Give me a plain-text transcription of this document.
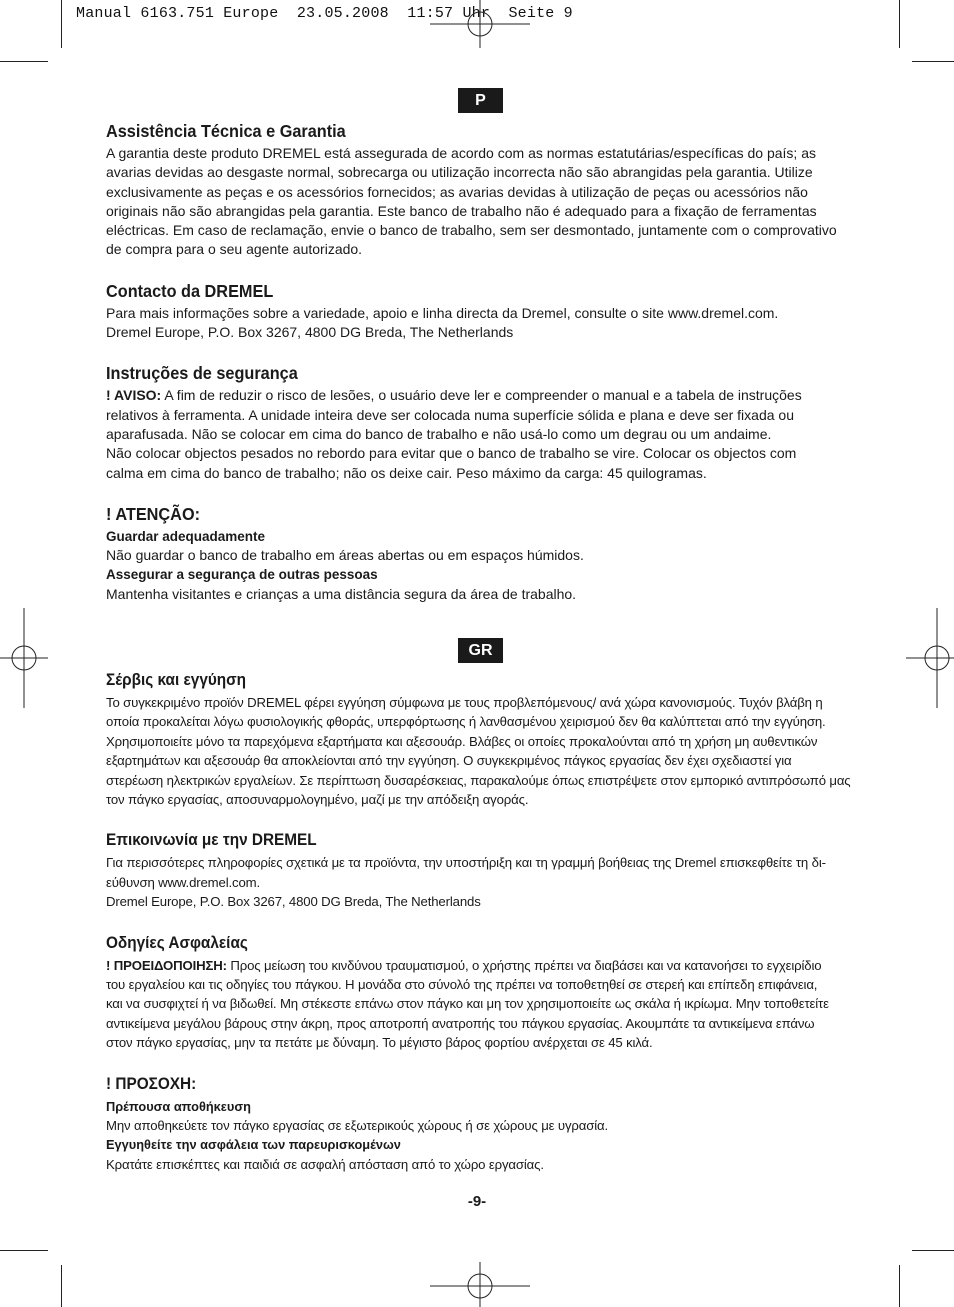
Manual 6163.751 Europe  23.05.2008  11:57 Uhr  Seite 9
P
GR
Assistência Técnica e Garantia
A garantia deste produto DREMEL está assegurada de acordo com as normas estatutárias/específicas do país; as
avarias devidas ao desgaste normal, sobrecarga ou utilização incorrecta não são abrangidas pela garantia. Utilize
exclusivamente as peças e os acessórios fornecidos; as avarias devidas à utilização de peças ou acessórios não
originais não são abrangidas pela garantia. Este banco de trabalho não é adequado para a fixação de ferramentas
eléctricas. Em caso de reclamação, envie o banco de trabalho, sem ser desmontado, juntamente com o comprovativo
de compra para o seu agente autorizado.
Contacto da DREMEL
Para mais informações sobre a variedade, apoio e linha directa da Dremel, consulte o site www.dremel.com.
Dremel Europe, P.O. Box 3267, 4800 DG Breda, The Netherlands
Instruções de segurança
! AVISO: A fim de reduzir o risco de lesões, o usuário deve ler e compreender o manual e a tabela de instruções
relativos à ferramenta. A unidade inteira deve ser colocada numa superfície sólida e plana e deve ser fixada ou
aparafusada. Não se colocar em cima do banco de trabalho e não usá-lo como um degrau ou um andaime.
Não colocar objectos pesados no rebordo para evitar que o banco de trabalho se vire. Colocar os objectos com
calma em cima do banco de trabalho; não os deixe cair. Peso máximo da carga: 45 quilogramas.
! ATENÇÃO:
Guardar adequadamente
Não guardar o banco de trabalho em áreas abertas ou em espaços húmidos.
Assegurar a segurança de outras pessoas
Mantenha visitantes e crianças a uma distância segura da área de trabalho.
Σέρβις και εγγύηση
Το συγκεκριμένο προϊόν DREMEL φέρει εγγύηση σύμφωνα με τους προβλεπόμενους/ ανά χώρα κανονισμούς. Τυχόν βλάβη η
οποία προκαλείται λόγω φυσιολογικής φθοράς, υπερφόρτωσης ή λανθασμένου χειρισμού δεν θα καλύπτεται από την εγγύηση.
Χρησιμοποιείτε μόνο τα παρεχόμενα εξαρτήματα και αξεσουάρ. Βλάβες οι οποίες προκαλούνται από τη χρήση μη αυθεντικών
εξαρτημάτων και αξεσουάρ θα αποκλείονται από την εγγύηση. Ο συγκεκριμένος πάγκος εργασίας δεν έχει σχεδιαστεί για
στερέωση ηλεκτρικών εργαλείων. Σε περίπτωση δυσαρέσκειας, παρακαλούμε όπως επιστρέψετε στον εμπορικό αντιπρόσωπό μας
τον πάγκο εργασίας, αποσυναρμολογημένο, μαζί με την απόδειξη αγοράς.
Επικοινωνία με την DREMEL
Για περισσότερες πληροφορίες σχετικά με τα προϊόντα, την υποστήριξη και τη γραμμή βοήθειας της Dremel επισκεφθείτε τη δι-
εύθυνση www.dremel.com.
Dremel Europe, P.O. Box 3267, 4800 DG Breda, The Netherlands
Οδηγίες Ασφαλείας
! ΠΡΟΕΙΔΟΠΟΙΗΣΗ: Προς μείωση του κινδύνου τραυματισμού, ο χρήστης πρέπει να διαβάσει και να κατανοήσει το εγχειρίδιο
του εργαλείου και τις οδηγίες του πάγκου. Η μονάδα στο σύνολό της πρέπει να τοποθετηθεί σε στερεή και επίπεδη επιφάνεια,
και να συσφιχτεί ή να βιδωθεί. Μη στέκεστε επάνω στον πάγκο και μη τον χρησιμοποιείτε ως σκάλα ή ικρίωμα. Μην τοποθετείτε
αντικείμενα μεγάλου βάρους στην άκρη, προς αποτροπή ανατροπής του πάγκου εργασίας. Ακουμπάτε τα αντικείμενα επάνω
στον πάγκο εργασίας, μην τα πετάτε με δύναμη. Το μέγιστο βάρος φορτίου ανέρχεται σε 45 κιλά.
! ΠΡΟΣΟΧΗ:
Πρέπουσα αποθήκευση
Μην αποθηκεύετε τον πάγκο εργασίας σε εξωτερικούς χώρους ή σε χώρους με υγρασία.
Εγγυηθείτε την ασφάλεια των παρευρισκομένων
Κρατάτε επισκέπτες και παιδιά σε ασφαλή απόσταση από το χώρο εργασίας.
-9-
